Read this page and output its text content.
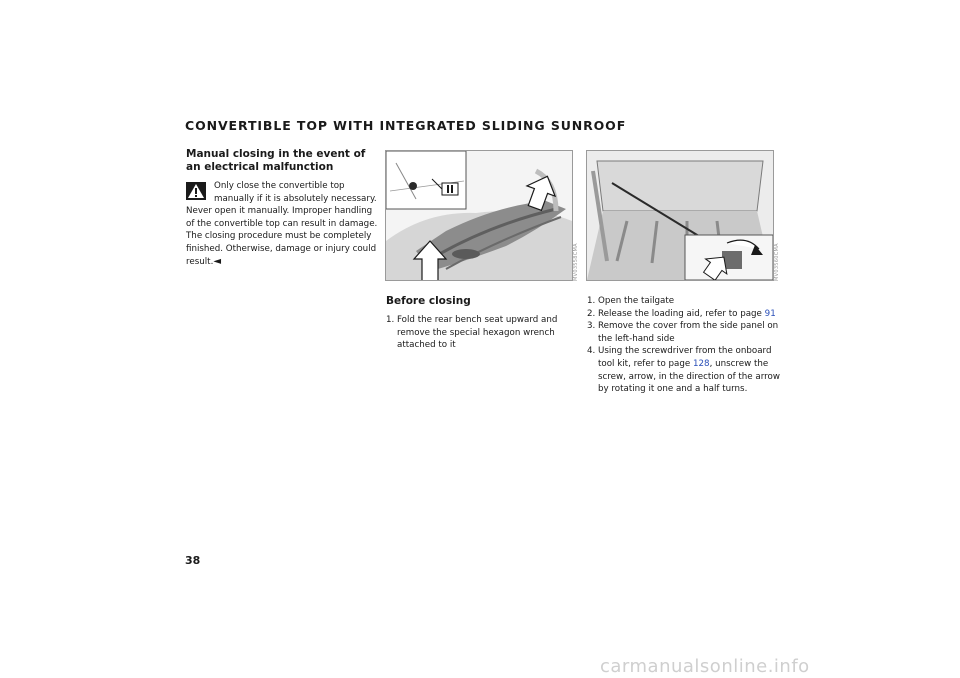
CONVERTIBLE TOP WITH INTEGRATED SLIDING SUNROOF
Manual closing in the event of an electrical malfunction
Only close the convertible top manually if it is absolutely necessary. Never open it manually. Improper handling of the convertible top can result in damage. The closing procedure must be completely finished. Otherwise, damage or injury could result.◄	MV03558CMA	MV03560CMA
Before closing
1. Fold the rear bench seat upward and remove the special hexagon wrench attached to it
1. Open the tailgate
2. Release the loading aid, refer to page 91
3. Remove the cover from the side panel on the left-hand side
4. Using the screwdriver from the onboard tool kit, refer to page 128, unscrew the screw, arrow, in the direction of the arrow by rotating it one and a half turns.
38
carmanualsonline.info
